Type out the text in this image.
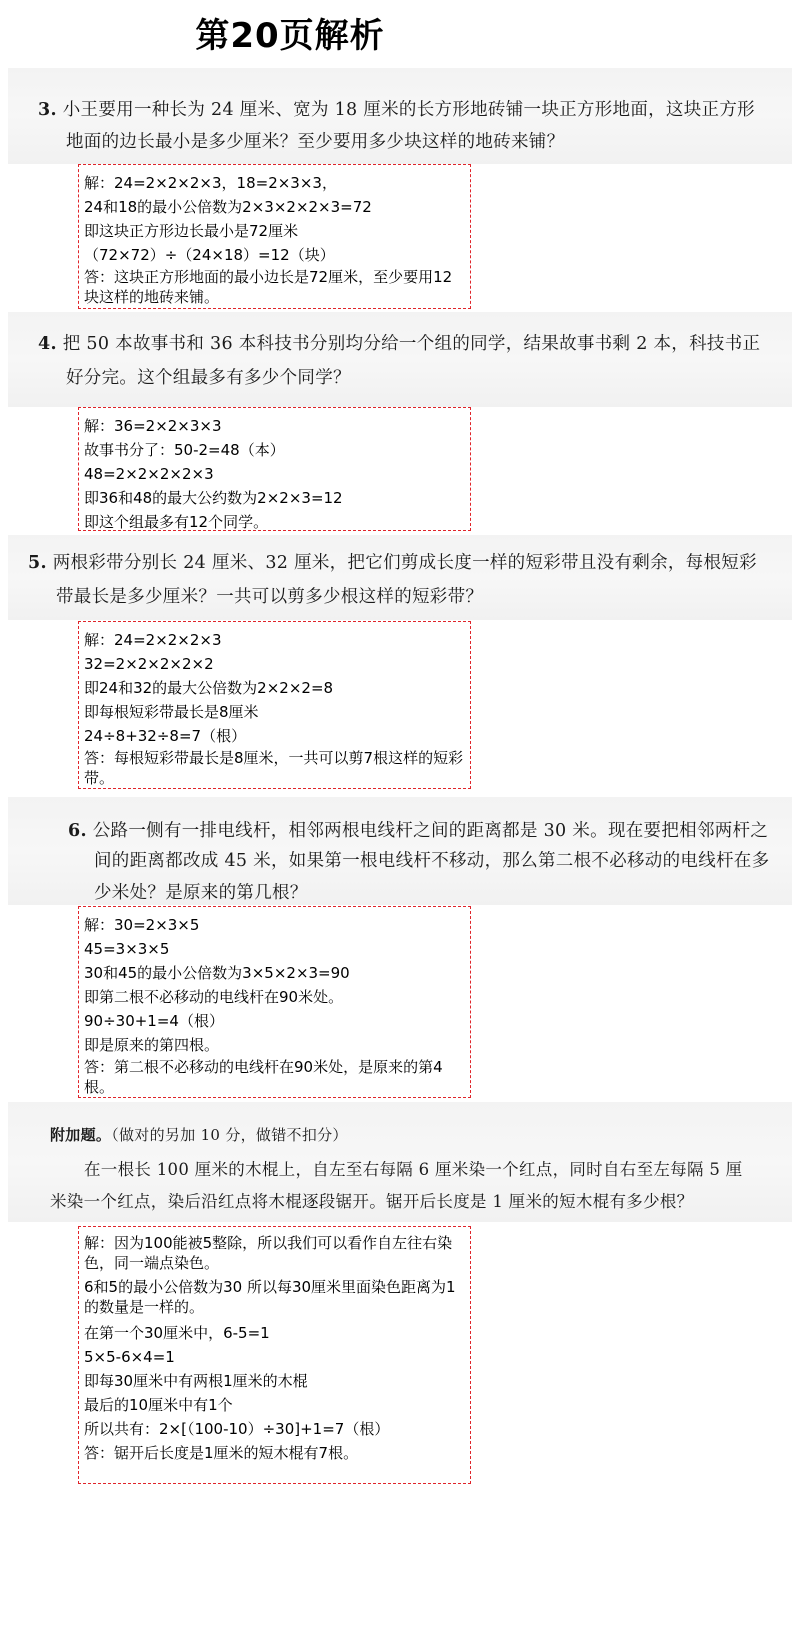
第20页解析
3. 小王要用一种长为 24 厘米、宽为 18 厘米的长方形地砖铺一块正方形地面，这块正方形
地面的边长最小是多少厘米？至少要用多少块这样的地砖来铺？
解：24=2×2×2×3，18=2×3×3，
24和18的最小公倍数为2×3×2×2×3=72
即这块正方形边长最小是72厘米
（72×72）÷（24×18）=12（块）
答：这块正方形地面的最小边长是72厘米，至少要用12块这样的地砖来铺。
4. 把 50 本故事书和 36 本科技书分别均分给一个组的同学，结果故事书剩 2 本，科技书正
好分完。这个组最多有多少个同学？
解：36=2×2×3×3
故事书分了：50-2=48（本）
48=2×2×2×2×3
即36和48的最大公约数为2×2×3=12
即这个组最多有12个同学。
5. 两根彩带分别长 24 厘米、32 厘米，把它们剪成长度一样的短彩带且没有剩余，每根短彩
带最长是多少厘米？一共可以剪多少根这样的短彩带？
解：24=2×2×2×3
32=2×2×2×2×2
即24和32的最大公倍数为2×2×2=8
即每根短彩带最长是8厘米
24÷8+32÷8=7（根）
答：每根短彩带最长是8厘米，一共可以剪7根这样的短彩带。
6. 公路一侧有一排电线杆，相邻两根电线杆之间的距离都是 30 米。现在要把相邻两杆之
间的距离都改成 45 米，如果第一根电线杆不移动，那么第二根不必移动的电线杆在多
少米处？是原来的第几根？
解：30=2×3×5
45=3×3×5
30和45的最小公倍数为3×5×2×3=90
即第二根不必移动的电线杆在90米处。
90÷30+1=4（根）
即是原来的第四根。
答：第二根不必移动的电线杆在90米处，是原来的第4根。
附加题。（做对的另加 10 分，做错不扣分）
在一根长 100 厘米的木棍上，自左至右每隔 6 厘米染一个红点，同时自右至左每隔 5 厘
米染一个红点，染后沿红点将木棍逐段锯开。锯开后长度是 1 厘米的短木棍有多少根？
解：因为100能被5整除，所以我们可以看作自左往右染色，同一端点染色。
6和5的最小公倍数为30 所以每30厘米里面染色距离为1的数量是一样的。
在第一个30厘米中，6-5=1
5×5-6×4=1
即每30厘米中有两根1厘米的木棍
最后的10厘米中有1个
所以共有：2×[（100-10）÷30]+1=7（根）
答：锯开后长度是1厘米的短木棍有7根。
